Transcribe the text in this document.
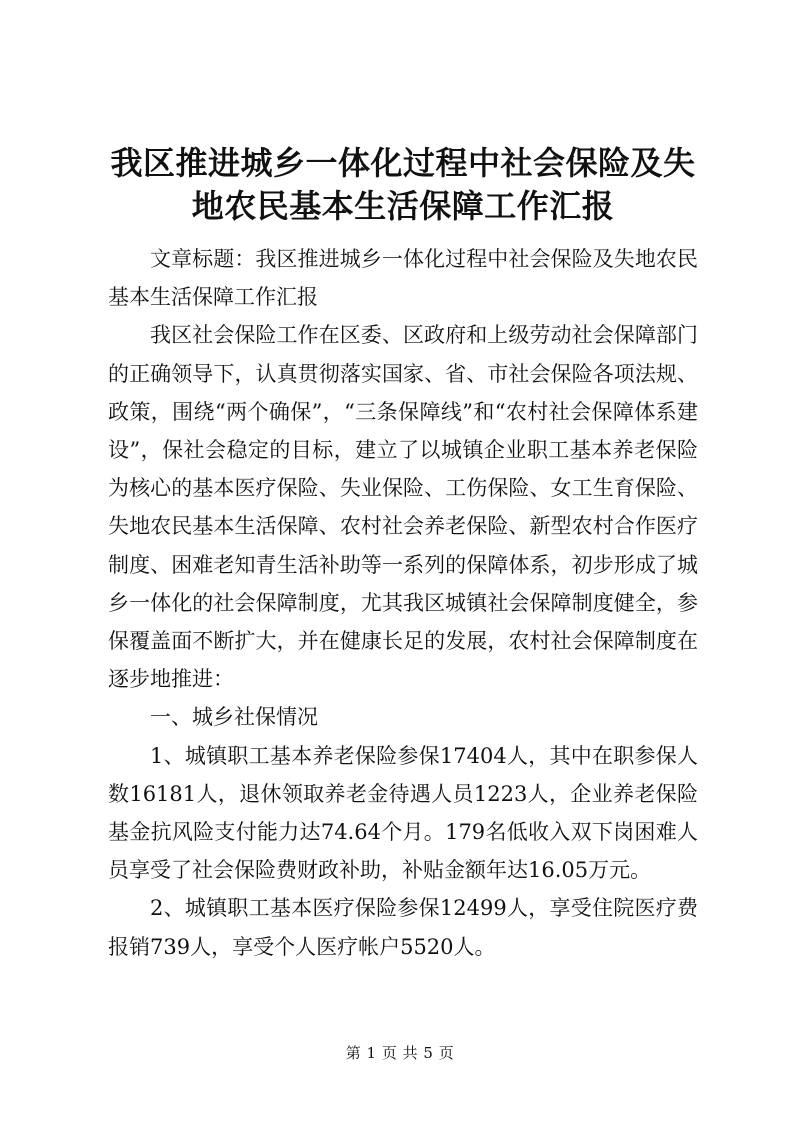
我区推进城乡一体化过程中社会保险及失地农民基本生活保障工作汇报

文章标题：我区推进城乡一体化过程中社会保险及失地农民基本生活保障工作汇报

我区社会保险工作在区委、区政府和上级劳动社会保障部门的正确领导下，认真贯彻落实国家、省、市社会保险各项法规、政策，围绕“两个确保”，“三条保障线”和“农村社会保障体系建设”，保社会稳定的目标，建立了以城镇企业职工基本养老保险为核心的基本医疗保险、失业保险、工伤保险、女工生育保险、失地农民基本生活保障、农村社会养老保险、新型农村合作医疗制度、困难老知青生活补助等一系列的保障体系，初步形成了城乡一体化的社会保障制度，尤其我区城镇社会保障制度健全，参保覆盖面不断扩大，并在健康长足的发展，农村社会保障制度在逐步地推进：

一、城乡社保情况

1、城镇职工基本养老保险参保17404人，其中在职参保人数16181人，退休领取养老金待遇人员1223人，企业养老保险基金抗风险支付能力达74.64个月。179名低收入双下岗困难人员享受了社会保险费财政补助，补贴金额年达16.05万元。

2、城镇职工基本医疗保险参保12499人，享受住院医疗费报销739人，享受个人医疗帐户5520人。

第 1 页 共 5 页
